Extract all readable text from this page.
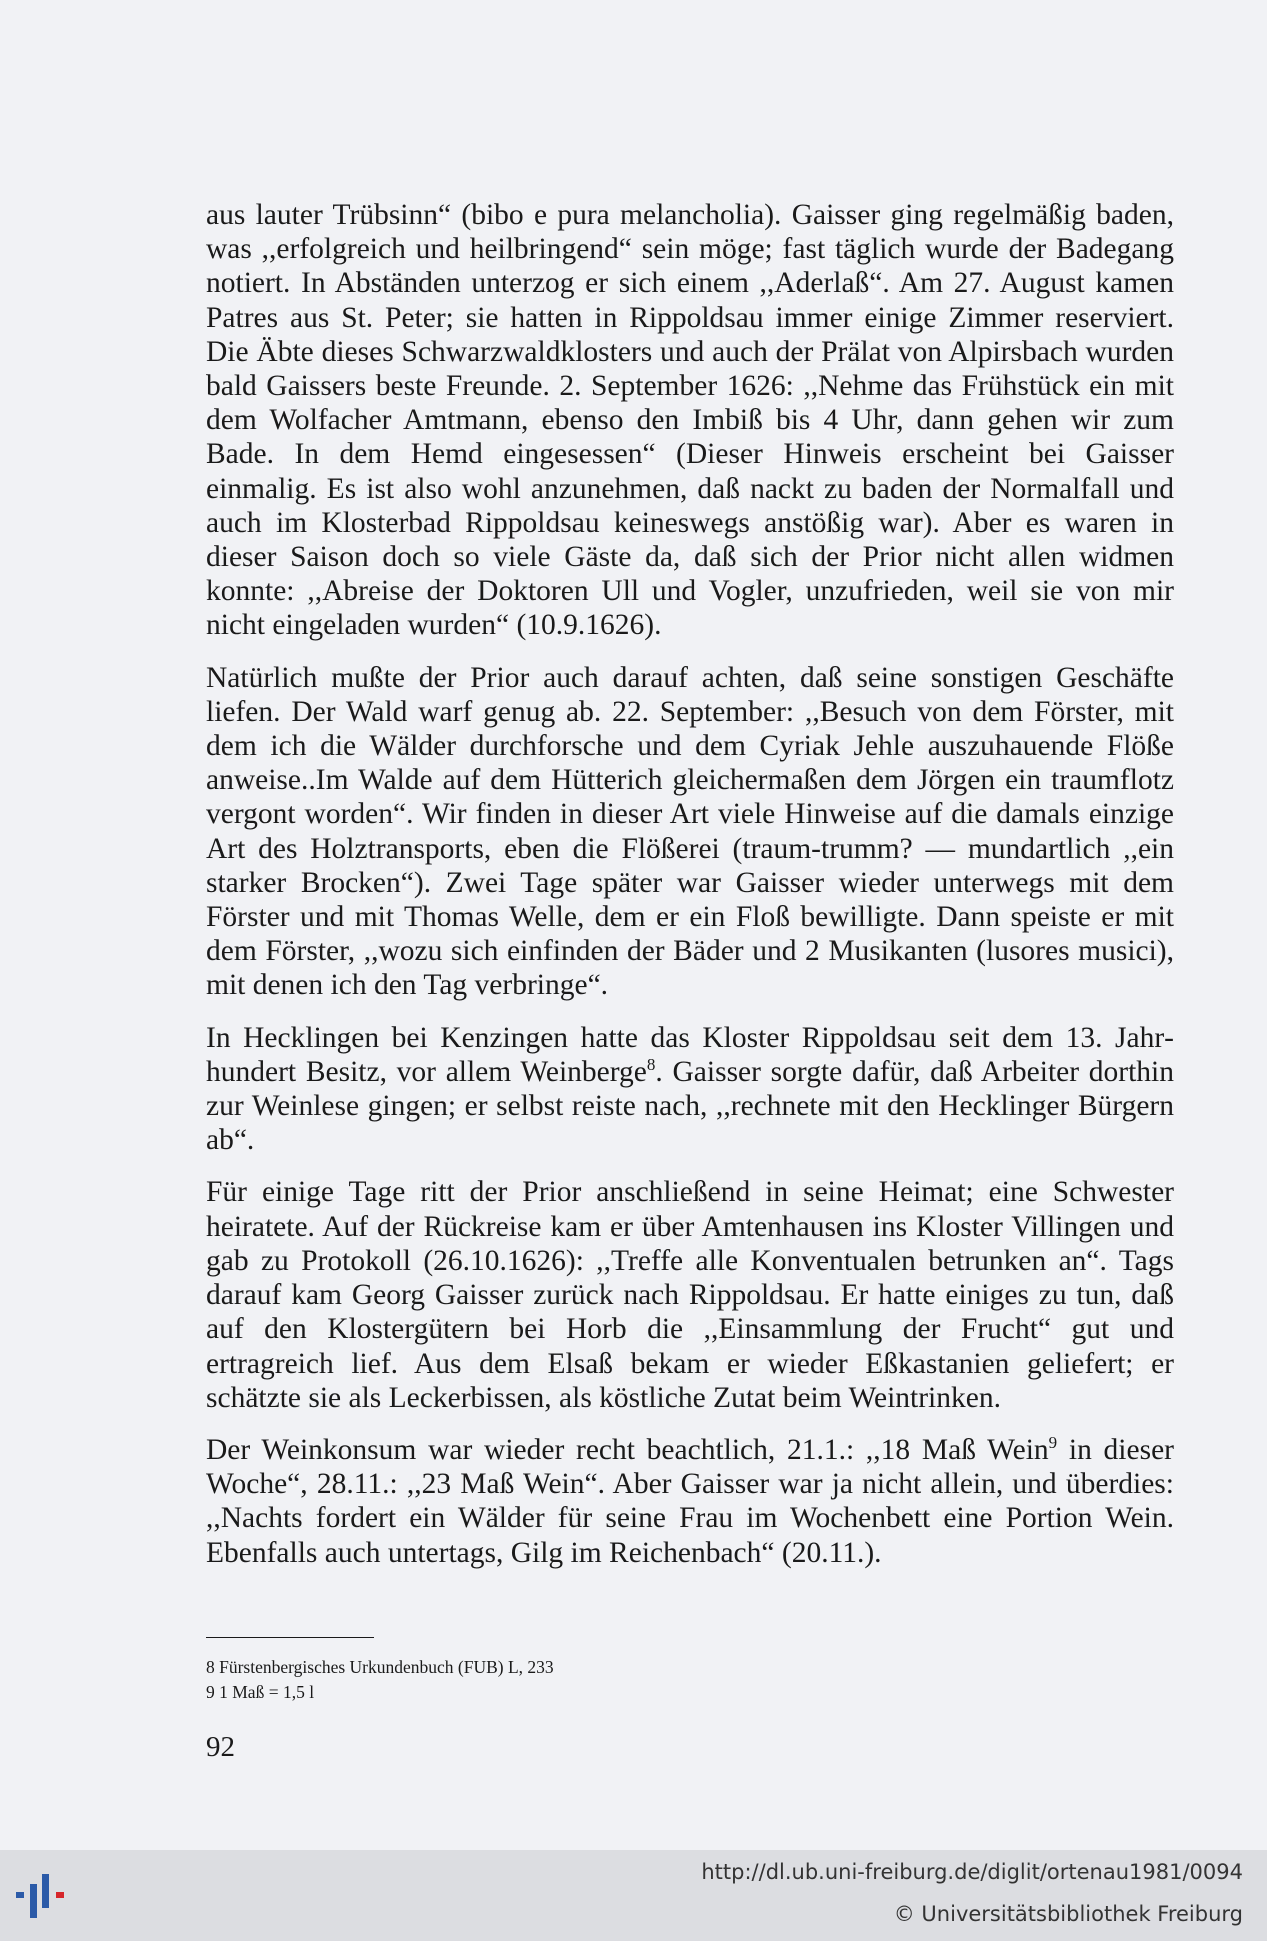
aus lauter Trübsinn“ (bibo e pura melancholia). Gaisser ging regelmäßig baden, was ,,erfolgreich und heilbringend“ sein möge; fast täglich wurde der Badegang notiert. In Abständen unterzog er sich einem ,,Aderlaß“. Am 27. August kamen Patres aus St. Peter; sie hatten in Rippoldsau immer einige Zimmer reserviert. Die Äbte dieses Schwarzwaldklosters und auch der Prälat von Alpirsbach wurden bald Gaissers beste Freunde. 2. September 1626: ,,Nehme das Frühstück ein mit dem Wolfacher Amtmann, ebenso den Imbiß bis 4 Uhr, dann gehen wir zum Bade. In dem Hemd eingesessen“ (Dieser Hinweis erscheint bei Gaisser einmalig. Es ist also wohl anzunehmen, daß nackt zu baden der Normalfall und auch im Klosterbad Rippoldsau keineswegs anstößig war). Aber es waren in dieser Saison doch so viele Gäste da, daß sich der Prior nicht allen widmen konnte: ,,Abreise der Doktoren Ull und Vogler, unzufrieden, weil sie von mir nicht eingeladen wurden“ (10.9.1626).

Natürlich mußte der Prior auch darauf achten, daß seine sonstigen Geschäfte liefen. Der Wald warf genug ab. 22. September: ,,Besuch von dem Förster, mit dem ich die Wälder durchforsche und dem Cyriak Jehle auszuhauende Flöße anweise..Im Walde auf dem Hütterich gleichermaßen dem Jörgen ein traumflotz vergont worden“. Wir finden in dieser Art viele Hinweise auf die damals einzige Art des Holztransports, eben die Flößerei (traum-trumm? — mundartlich ,,ein starker Brocken“). Zwei Tage später war Gaisser wieder unterwegs mit dem Förster und mit Thomas Welle, dem er ein Floß bewilligte. Dann speiste er mit dem Förster, ,,wozu sich einfinden der Bäder und 2 Musikanten (lusores musici), mit denen ich den Tag verbringe“.

In Hecklingen bei Kenzingen hatte das Kloster Rippoldsau seit dem 13. Jahrhundert Besitz, vor allem Weinberge$^8$. Gaisser sorgte dafür, daß Arbeiter dorthin zur Weinlese gingen; er selbst reiste nach, ,,rechnete mit den Hecklinger Bürgern ab“.

Für einige Tage ritt der Prior anschließend in seine Heimat; eine Schwester heiratete. Auf der Rückreise kam er über Amtenhausen ins Kloster Villingen und gab zu Protokoll (26.10.1626): ,,Treffe alle Konventualen betrunken an“. Tags darauf kam Georg Gaisser zurück nach Rippoldsau. Er hatte einiges zu tun, daß auf den Klostergütern bei Horb die ,,Einsammlung der Frucht“ gut und ertragreich lief. Aus dem Elsaß bekam er wieder Eßkastanien geliefert; er schätzte sie als Leckerbissen, als köstliche Zutat beim Weintrinken.

Der Weinkonsum war wieder recht beachtlich, 21.1.: ,,18 Maß Wein$^9$ in dieser Woche“, 28.11.: ,,23 Maß Wein“. Aber Gaisser war ja nicht allein, und überdies: ,,Nachts fordert ein Wälder für seine Frau im Wochenbett eine Portion Wein. Ebenfalls auch untertags, Gilg im Reichenbach“ (20.11.).

8 Fürstenbergisches Urkundenbuch (FUB) L, 233
9 1 Maß = 1,5 l
92
http://dl.ub.uni-freiburg.de/diglit/ortenau1981/0094
© Universitätsbibliothek Freiburg
